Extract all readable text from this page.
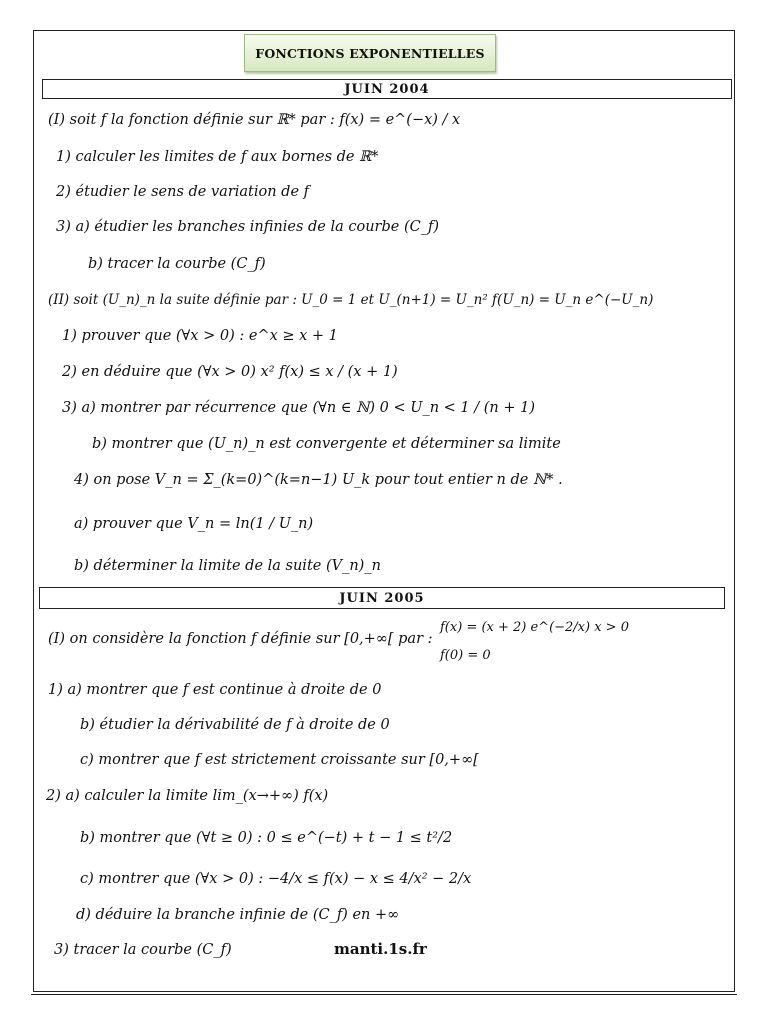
FONCTIONS EXPONENTIELLES
JUIN 2004
(I) soit f la fonction définie sur ℝ* par : f(x) = e^(−x) / x
1) calculer les limites de f aux bornes de ℝ*
2) étudier le sens de variation de f
3) a) étudier les branches infinies de la courbe (C_f)
b) tracer la courbe (C_f)
(II) soit (U_n)_n la suite définie par : U_0 = 1 et U_(n+1) = U_n² f(U_n) = U_n e^(−U_n)
1) prouver que (∀x > 0) : e^x ≥ x + 1
2) en déduire que (∀x > 0) x² f(x) ≤ x / (x + 1)
3) a) montrer par récurrence que (∀n ∈ ℕ) 0 < U_n < 1 / (n + 1)
b) montrer que (U_n)_n est convergente et déterminer sa limite
4) on pose V_n = Σ_(k=0)^(k=n−1) U_k pour tout entier n de ℕ* .
a) prouver que V_n = ln(1 / U_n)
b) déterminer la limite de la suite (V_n)_n
JUIN 2005
(I) on considère la fonction f définie sur [0,+∞[ par :
f(x) = (x + 2) e^(−2/x) x > 0
f(0) = 0
1) a) montrer que f est continue à droite de 0
b) étudier la dérivabilité de f à droite de 0
c) montrer que f est strictement croissante sur [0,+∞[
2) a) calculer la limite lim_(x→+∞) f(x)
b) montrer que (∀t ≥ 0) : 0 ≤ e^(−t) + t − 1 ≤ t²/2
c) montrer que (∀x > 0) : −4/x ≤ f(x) − x ≤ 4/x² − 2/x
d) déduire la branche infinie de (C_f) en +∞
3) tracer la courbe (C_f)	manti.1s.fr
